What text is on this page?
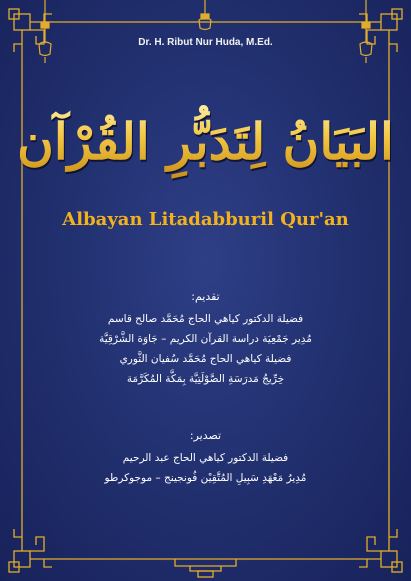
Dr. H. Ribut Nur Huda, M.Ed.
البَيَانُ لِتَدَبُّرِ القُرْآن
Albayan Litadabburil Qur'an
تقديم:
فضيلة الدكتور كياهي الحاج مُحَمَّد صالح قاسم
مُدِير جَمْعِيَة دراسة القرآن الكريم – جَاوَة الشَّرْقِيَّة
فضيلة كياهي الحاج مُحَمَّد سُفيان الثَّوري
خِرِّيجُ مَدرَسَةِ الصَّوْلَتِيَّة بِمَكَّة المُكَرَّمَة
تصدير:
فضيلة الدكتور كياهي الحاج عبد الرحيم
مُدِيرُ مَعْهَدِ سَبِيلِ المُتَّقِيْن فُونجينج – موجوكرطو
